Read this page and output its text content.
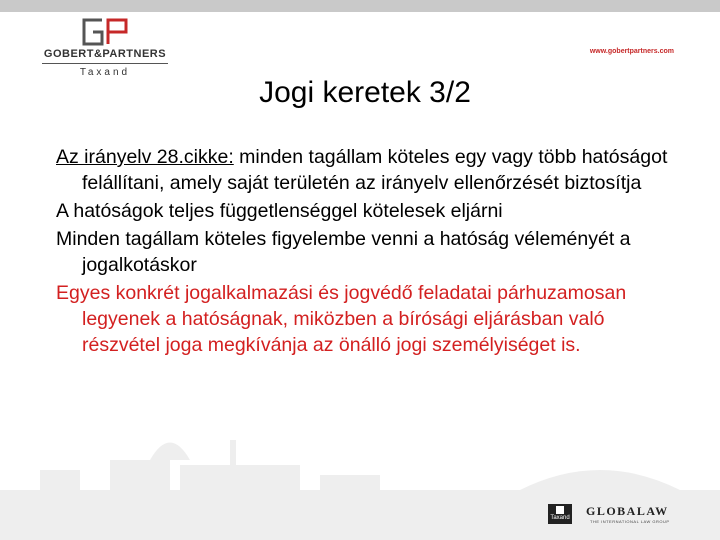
GOBERT&PARTNERS
Taxand
www.gobertpartners.com
Jogi keretek 3/2

Az irányelv 28.cikke: minden tagállam köteles egy vagy több hatóságot felállítani, amely saját területén az irányelv ellenőrzését biztosítja

A hatóságok teljes függetlenséggel kötelesek eljárni

Minden tagállam köteles figyelembe venni a hatóság véleményét a jogalkotáskor

Egyes konkrét jogalkalmazási és jogvédő feladatai párhuzamosan legyenek a hatóságnak, miközben a bírósági eljárásban való részvétel joga megkívánja az önálló jogi személyiséget is.

Taxand GLOBALAW
THE INTERNATIONAL LAW GROUP
